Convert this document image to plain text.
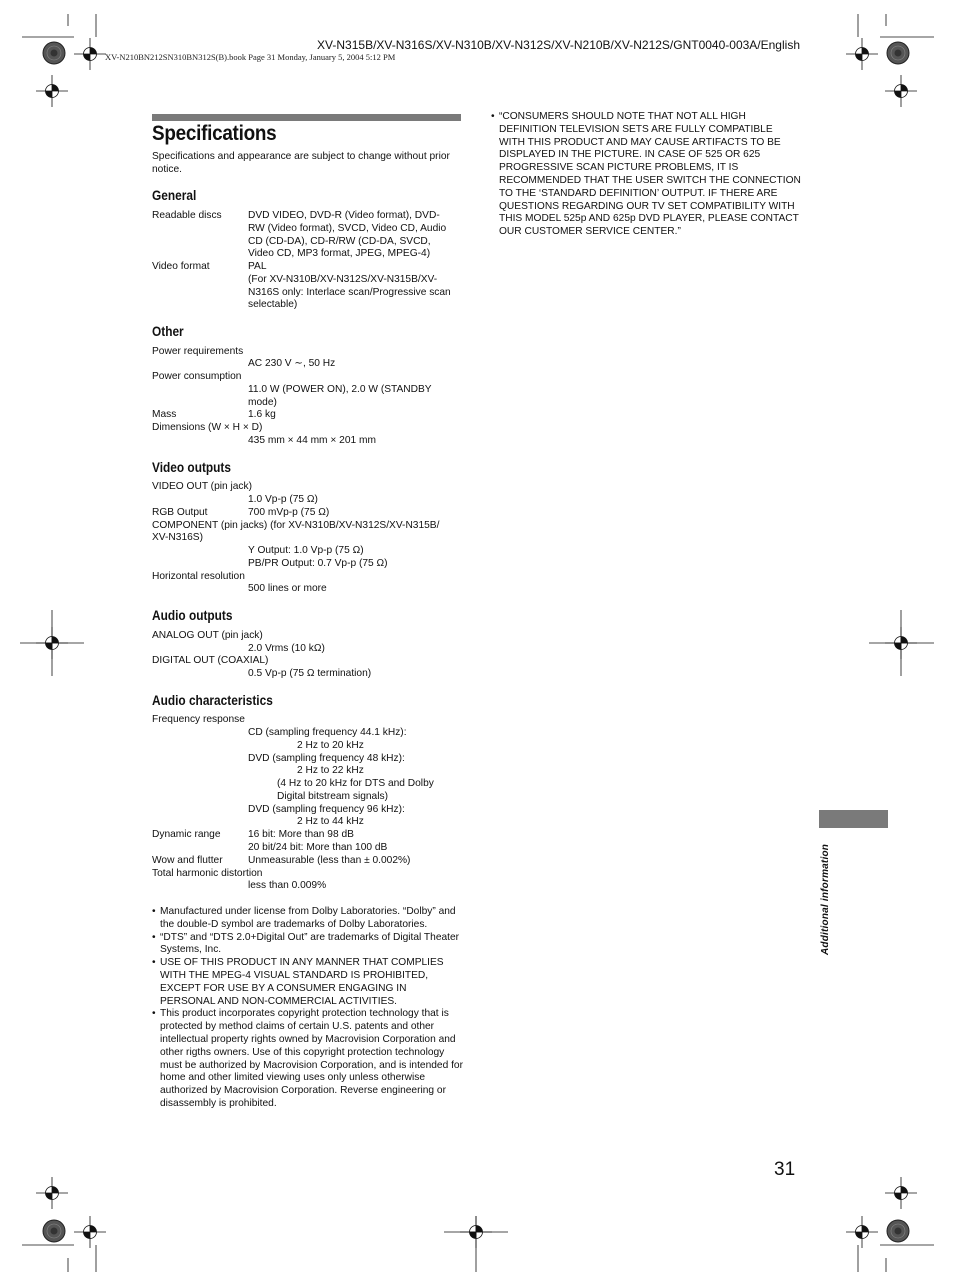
XV-N315B/XV-N316S/XV-N310B/XV-N312S/XV-N210B/XV-N212S/GNT0040-003A/English
XV-N210BN212SN310BN312S(B).book Page 31 Monday, January 5, 2004 5:12 PM
Specifications
Specifications and appearance are subject to change without prior notice.
General
Readable discs	DVD VIDEO, DVD-R (Video format), DVD-
RW (Video format), SVCD, Video CD, Audio
CD (CD-DA), CD-R/RW (CD-DA, SVCD,
Video CD, MP3 format, JPEG, MPEG-4)
Video format	PAL
(For XV-N310B/XV-N312S/XV-N315B/XV-
N316S only: Interlace scan/Progressive scan
selectable)
Other
Power requirements
AC 230 V ∼, 50 Hz
Power consumption
11.0 W (POWER ON), 2.0 W (STANDBY
mode)
Mass	1.6 kg
Dimensions (W × H × D)
435 mm × 44 mm × 201 mm
Video outputs
VIDEO OUT (pin jack)
1.0 Vp-p (75 Ω)
RGB Output	700 mVp-p (75 Ω)
COMPONENT (pin jacks) (for XV-N310B/XV-N312S/XV-N315B/
XV-N316S)
Y Output: 1.0 Vp-p (75 Ω)
PB/PR Output: 0.7 Vp-p (75 Ω)
Horizontal resolution
500 lines or more
Audio outputs
ANALOG OUT (pin jack)
2.0 Vrms (10 kΩ)
DIGITAL OUT (COAXIAL)
0.5 Vp-p (75 Ω termination)
Audio characteristics
Frequency response
CD (sampling frequency 44.1 kHz):
2 Hz to 20 kHz
DVD (sampling frequency 48 kHz):
2 Hz to 22 kHz
(4 Hz to 20 kHz for DTS and Dolby
Digital bitstream signals)
DVD (sampling frequency 96 kHz):
2 Hz to 44 kHz
Dynamic range	16 bit: More than 98 dB
20 bit/24 bit: More than 100 dB
Wow and flutter Unmeasurable (less than ± 0.002%)
Total harmonic distortion
less than 0.009%
• Manufactured under license from Dolby Laboratories. “Dolby” and the double-D symbol are trademarks of Dolby Laboratories.
• “DTS” and “DTS 2.0+Digital Out” are trademarks of Digital Theater Systems, Inc.
• USE OF THIS PRODUCT IN ANY MANNER THAT COMPLIES WITH THE MPEG-4 VISUAL STANDARD IS PROHIBITED, EXCEPT FOR USE BY A CONSUMER ENGAGING IN PERSONAL AND NON-COMMERCIAL ACTIVITIES.
• This product incorporates copyright protection technology that is protected by method claims of certain U.S. patents and other intellectual property rights owned by Macrovision Corporation and other rigths owners. Use of this copyright protection technology must be authorized by Macrovision Corporation, and is intended for home and other limited viewing uses only unless otherwise authorized by Macrovision Corporation. Reverse engineering or disassembly is prohibited.
• “CONSUMERS SHOULD NOTE THAT NOT ALL HIGH DEFINITION TELEVISION SETS ARE FULLY COMPATIBLE WITH THIS PRODUCT AND MAY CAUSE ARTIFACTS TO BE DISPLAYED IN THE PICTURE. IN CASE OF 525 OR 625 PROGRESSIVE SCAN PICTURE PROBLEMS, IT IS RECOMMENDED THAT THE USER SWITCH THE CONNECTION TO THE ‘STANDARD DEFINITION’ OUTPUT. IF THERE ARE QUESTIONS REGARDING OUR TV SET COMPATIBILITY WITH THIS MODEL 525p AND 625p DVD PLAYER, PLEASE CONTACT OUR CUSTOMER SERVICE CENTER.”
Additional information
31
